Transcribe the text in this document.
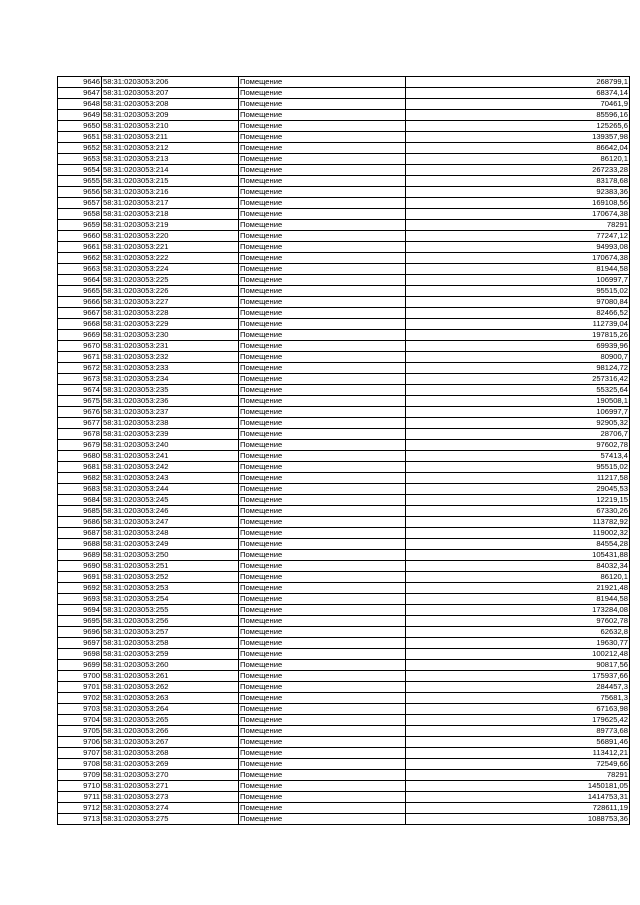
9646	58:31:0203053:206	Помещение	268799,1
9647	58:31:0203053:207	Помещение	68374,14
9648	58:31:0203053:208	Помещение	70461,9
9649	58:31:0203053:209	Помещение	85596,16
9650	58:31:0203053:210	Помещение	125265,6
9651	58:31:0203053:211	Помещение	139357,98
9652	58:31:0203053:212	Помещение	86642,04
9653	58:31:0203053:213	Помещение	86120,1
9654	58:31:0203053:214	Помещение	267233,28
9655	58:31:0203053:215	Помещение	83178,68
9656	58:31:0203053:216	Помещение	92383,36
9657	58:31:0203053:217	Помещение	169108,56
9658	58:31:0203053:218	Помещение	170674,38
9659	58:31:0203053:219	Помещение	78291
9660	58:31:0203053:220	Помещение	77247,12
9661	58:31:0203053:221	Помещение	94993,08
9662	58:31:0203053:222	Помещение	170674,38
9663	58:31:0203053:224	Помещение	81944,58
9664	58:31:0203053:225	Помещение	106997,7
9665	58:31:0203053:226	Помещение	95515,02
9666	58:31:0203053:227	Помещение	97080,84
9667	58:31:0203053:228	Помещение	82466,52
9668	58:31:0203053:229	Помещение	112739,04
9669	58:31:0203053:230	Помещение	197815,26
9670	58:31:0203053:231	Помещение	69939,96
9671	58:31:0203053:232	Помещение	80900,7
9672	58:31:0203053:233	Помещение	98124,72
9673	58:31:0203053:234	Помещение	257316,42
9674	58:31:0203053:235	Помещение	55325,64
9675	58:31:0203053:236	Помещение	190508,1
9676	58:31:0203053:237	Помещение	106997,7
9677	58:31:0203053:238	Помещение	92905,32
9678	58:31:0203053:239	Помещение	28706,7
9679	58:31:0203053:240	Помещение	97602,78
9680	58:31:0203053:241	Помещение	57413,4
9681	58:31:0203053:242	Помещение	95515,02
9682	58:31:0203053:243	Помещение	11217,58
9683	58:31:0203053:244	Помещение	29045,53
9684	58:31:0203053:245	Помещение	12219,15
9685	58:31:0203053:246	Помещение	67330,26
9686	58:31:0203053:247	Помещение	113782,92
9687	58:31:0203053:248	Помещение	119002,32
9688	58:31:0203053:249	Помещение	84554,28
9689	58:31:0203053:250	Помещение	105431,88
9690	58:31:0203053:251	Помещение	84032,34
9691	58:31:0203053:252	Помещение	86120,1
9692	58:31:0203053:253	Помещение	21921,48
9693	58:31:0203053:254	Помещение	81944,58
9694	58:31:0203053:255	Помещение	173284,08
9695	58:31:0203053:256	Помещение	97602,78
9696	58:31:0203053:257	Помещение	62632,8
9697	58:31:0203053:258	Помещение	19630,77
9698	58:31:0203053:259	Помещение	100212,48
9699	58:31:0203053:260	Помещение	90817,56
9700	58:31:0203053:261	Помещение	175937,66
9701	58:31:0203053:262	Помещение	284457,3
9702	58:31:0203053:263	Помещение	75681,3
9703	58:31:0203053:264	Помещение	67163,98
9704	58:31:0203053:265	Помещение	179625,42
9705	58:31:0203053:266	Помещение	89773,68
9706	58:31:0203053:267	Помещение	56891,46
9707	58:31:0203053:268	Помещение	113412,21
9708	58:31:0203053:269	Помещение	72549,66
9709	58:31:0203053:270	Помещение	78291
9710	58:31:0203053:271	Помещение	1450181,05
9711	58:31:0203053:273	Помещение	1414753,31
9712	58:31:0203053:274	Помещение	728611,19
9713	58:31:0203053:275	Помещение	1088753,36
